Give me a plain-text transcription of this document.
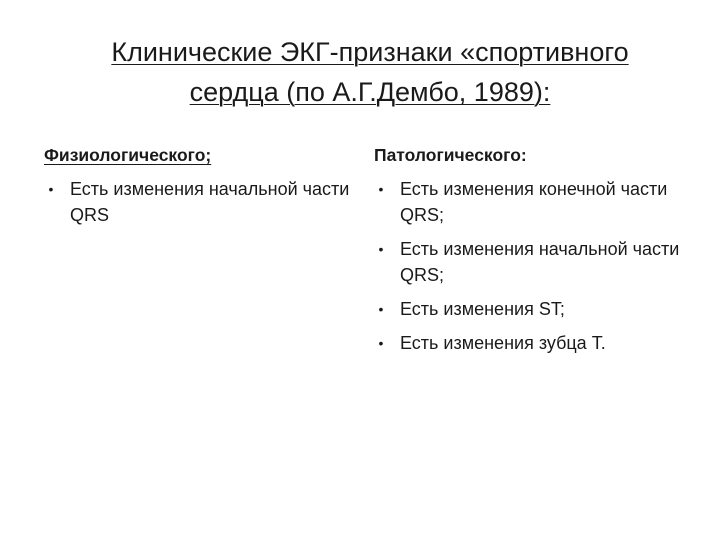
Клинические ЭКГ-признаки «спортивного
сердца (по А.Г.Дембо, 1989):
Физиологического;
• Есть изменения начальной части QRS
Патологического:
• Есть изменения конечной части QRS;
• Есть изменения начальной части QRS;
• Есть изменения ST;
• Есть изменения зубца Т.
